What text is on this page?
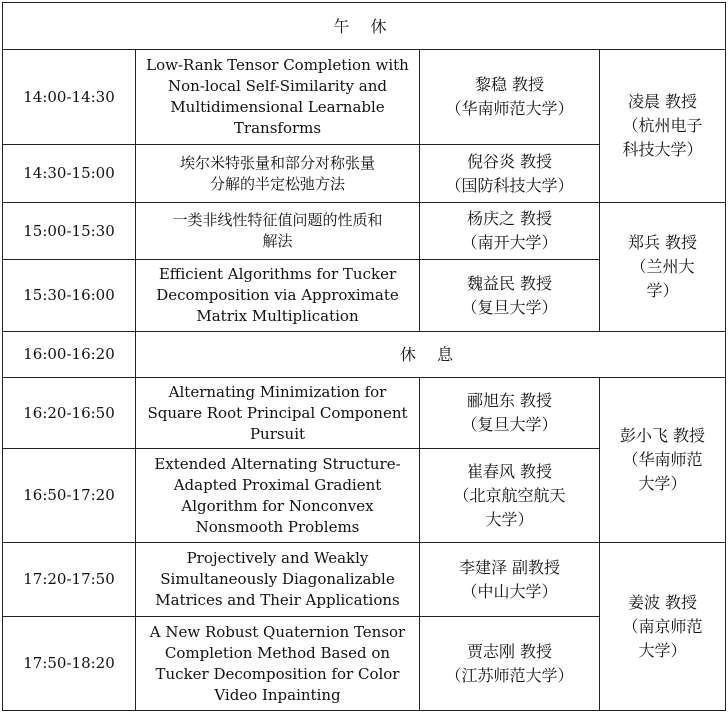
午 休			
14:00-14:30	Low-Rank Tensor Completion with
Non-local Self-Similarity and
Multidimensional Learnable
Transforms	黎稳 教授
（华南师范大学）	凌晨 教授
（杭州电子
科技大学）

14:30-15:00	埃尔米特张量和部分对称张量
分解的半定松弛方法	倪谷炎 教授
（国防科技大学）	

15:00-15:30	一类非线性特征值问题的性质和
解法	杨庆之 教授
（南开大学）	郑兵 教授
（兰州大
学）

15:30-16:00	Efficient Algorithms for Tucker
Decomposition via Approximate
Matrix Multiplication	魏益民 教授
（复旦大学）	

16:00-16:20	休 息		
16:20-16:50	Alternating Minimization for
Square Root Principal Component
Pursuit	郦旭东 教授
（复旦大学）	彭小飞 教授
（华南师范
大学）

16:50-17:20	Extended Alternating Structure-
Adapted Proximal Gradient
Algorithm for Nonconvex
Nonsmooth Problems	崔春风 教授
（北京航空航天
大学）	

17:20-17:50	Projectively and Weakly
Simultaneously Diagonalizable
Matrices and Their Applications	李建泽 副教授
（中山大学）	姜波 教授
（南京师范
大学）

17:50-18:20	A New Robust Quaternion Tensor
Completion Method Based on
Tucker Decomposition for Color
Video Inpainting	贾志刚 教授
（江苏师范大学）	
